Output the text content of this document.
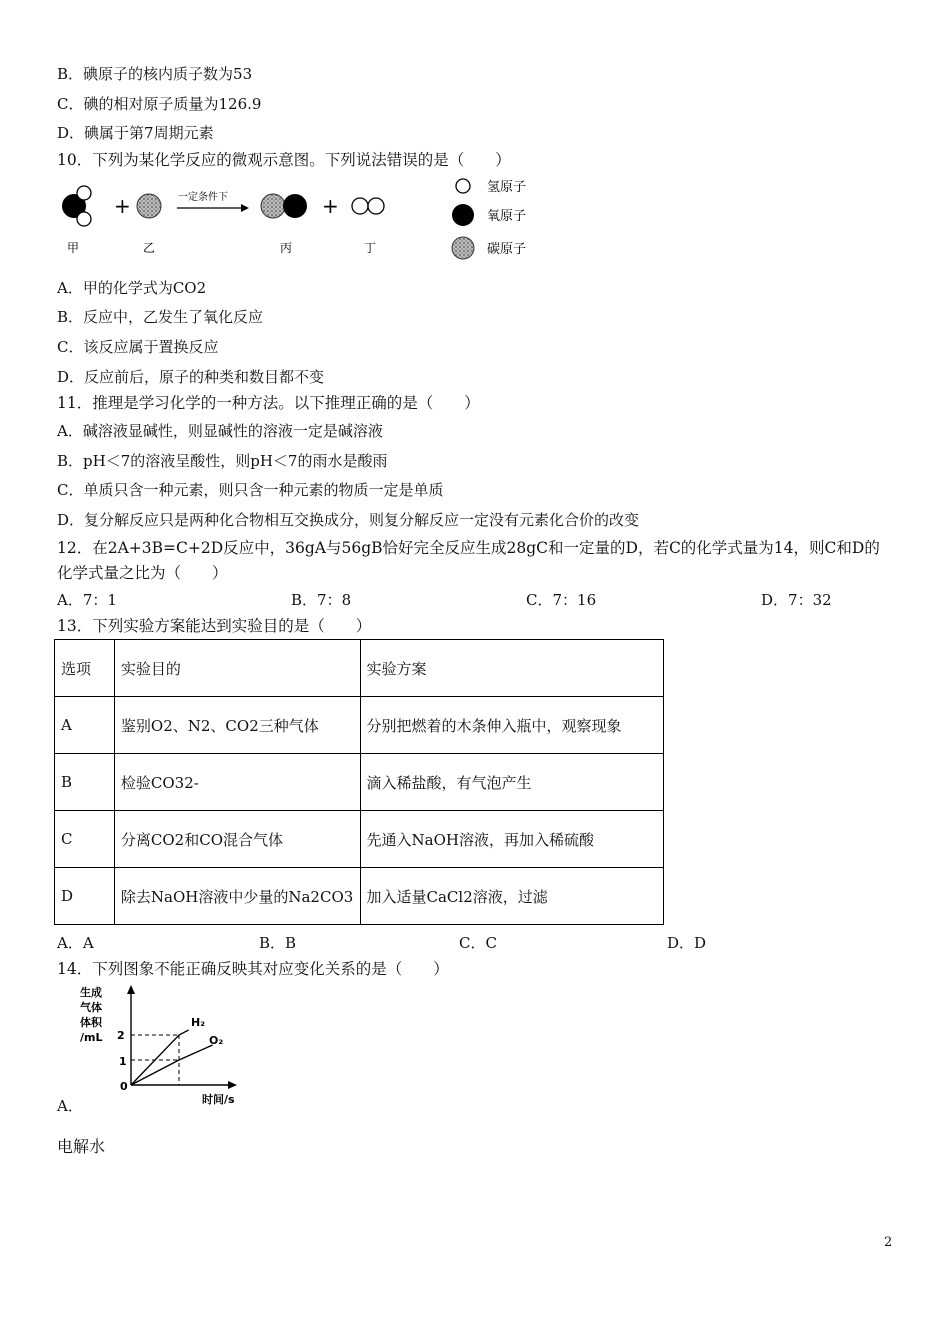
B．碘原子的核内质子数为53
C．碘的相对原子质量为126.9
D．碘属于第7周期元素
10．下列为某化学反应的微观示意图。下列说法错误的是（　　）
+	一定条件下	+
甲	乙	丙	丁
氢原子
氧原子
碳原子
A．甲的化学式为CO2
B．反应中，乙发生了氧化反应
C．该反应属于置换反应
D．反应前后，原子的种类和数目都不变
11．推理是学习化学的一种方法。以下推理正确的是（　　）
A．碱溶液显碱性，则显碱性的溶液一定是碱溶液
B．pH＜7的溶液呈酸性，则pH＜7的雨水是酸雨
C．单质只含一种元素，则只含一种元素的物质一定是单质
D．复分解反应只是两种化合物相互交换成分，则复分解反应一定没有元素化合价的改变
12．在2A+3B=C+2D反应中，36gA与56gB恰好完全反应生成28gC和一定量的D，若C的化学式量为14，则C和D的化学式量之比为（　　）
A．7：1	B．7：8	C．7：16	D．7：32
13．下列实验方案能达到实验目的是（　　）
选项	实验目的	实验方案
A	鉴别O2、N2、CO2三种气体	分别把燃着的木条伸入瓶中，观察现象
B	检验CO32-	滴入稀盐酸，有气泡产生
C	分离CO2和CO混合气体	先通入NaOH溶液，再加入稀硫酸
D	除去NaOH溶液中少量的Na2CO3	加入适量CaCl2溶液，过滤
A．A	B．B	C．C	D．D
14．下列图象不能正确反映其对应变化关系的是（　　）
生成
气体
体积
/mL 2
1
0
H₂
O₂
时间/s
A．
电解水
2
